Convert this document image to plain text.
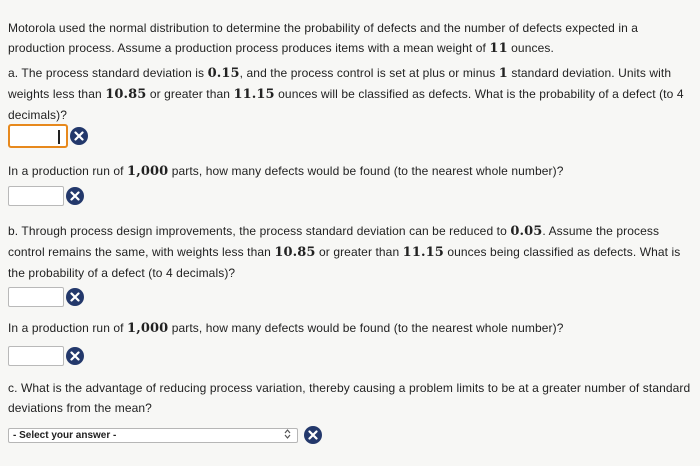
Motorola used the normal distribution to determine the probability of defects and the number of defects expected in a production process. Assume a production process produces items with a mean weight of 11 ounces.

a. The process standard deviation is 0.15, and the process control is set at plus or minus 1 standard deviation. Units with weights less than 10.85 or greater than 11.15 ounces will be classified as defects. What is the probability of a defect (to 4 decimals)?

In a production run of 1,000 parts, how many defects would be found (to the nearest whole number)?

b. Through process design improvements, the process standard deviation can be reduced to 0.05. Assume the process control remains the same, with weights less than 10.85 or greater than 11.15 ounces being classified as defects. What is the probability of a defect (to 4 decimals)?

In a production run of 1,000 parts, how many defects would be found (to the nearest whole number)?

c. What is the advantage of reducing process variation, thereby causing a problem limits to be at a greater number of standard deviations from the mean?

- Select your answer -
